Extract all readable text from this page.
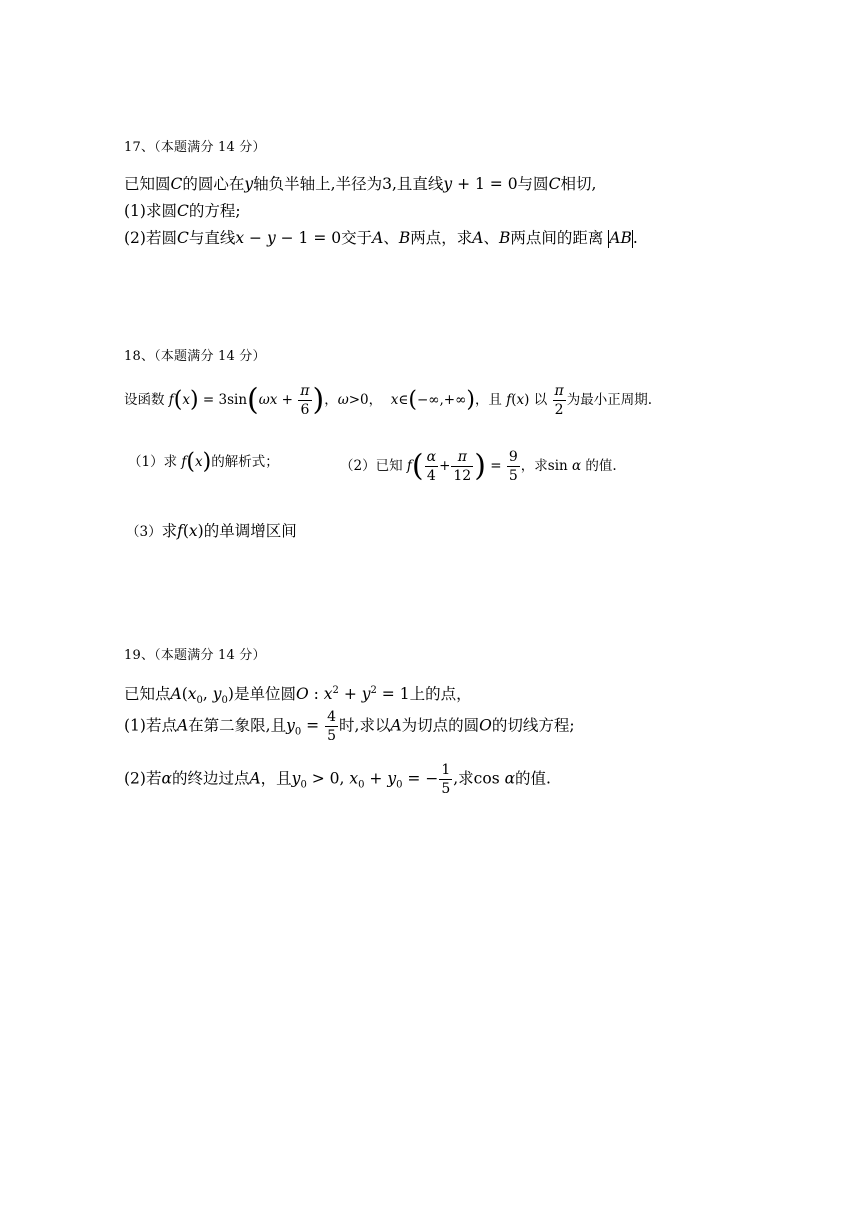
17、（本题满分 14 分）
已知圆C的圆心在y轴负半轴上,半径为3,且直线y + 1 = 0与圆C相切,
(1)求圆C的方程;
(2)若圆C与直线x − y − 1 = 0交于A、B两点，求A、B两点间的距离 AB.
18、（本题满分 14 分）
设函数 $f(x) = 3\sin(\omega x + \frac{\pi}{6}$ )，ω>0，  x∈(−∞,+∞)，且 f(x) 以 $\frac{\pi}{2}$ 为最小正周期.
（1）求 f(x)的解析式；	（2）已知 $f( \frac{\alpha}{4} + \frac{\pi}{12}$ ) = $\frac{9}{5}$ ，求sin α 的值.
（3）求f(x)的单调增区间
19、（本题满分 14 分）
已知点$A(x_0$, $y_0$)是单位圆O : $x^2 + y^2 = 1$上的点，
(1)若点A在第二象限,且$y_0 = \frac{4}{5}$ 时,求以A为切点的圆O的切线方程;
(2)若α的终边过点A，且$y_0 > 0$, $x_0 + y_0$ = − $\frac{1}{5}$ ,求cos α的值.
